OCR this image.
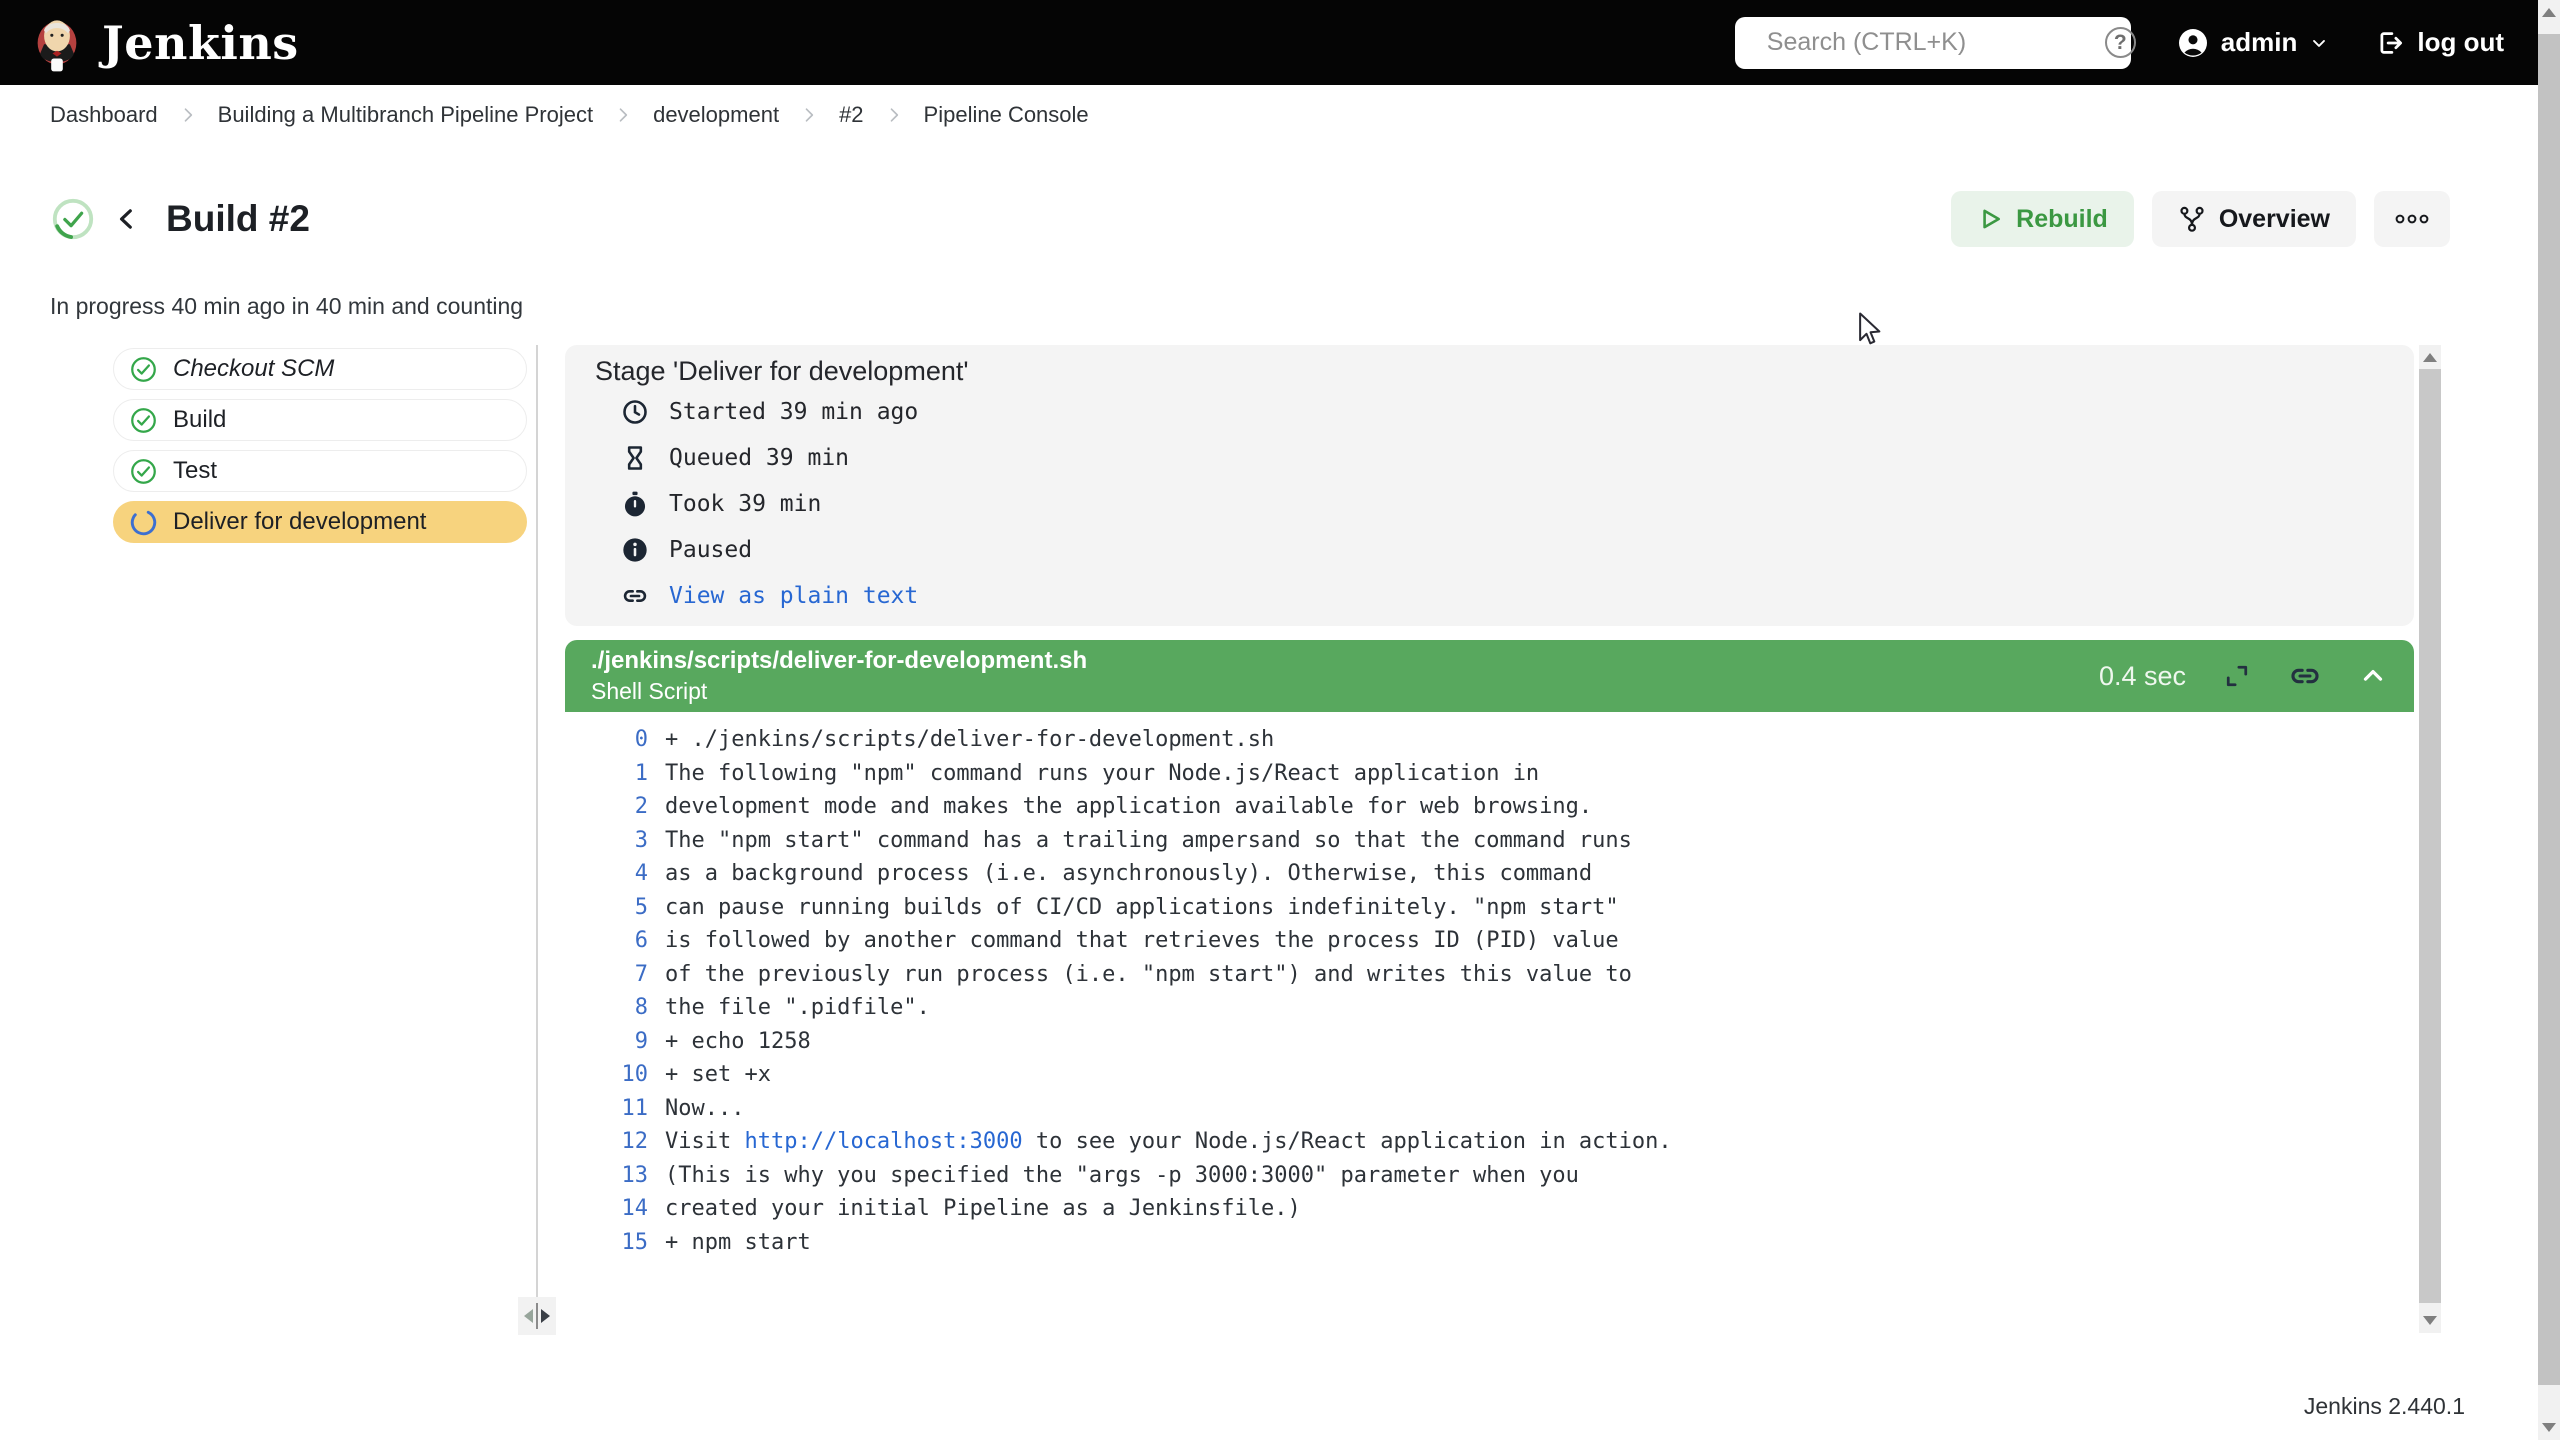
Jenkins
Search (CTRL+K)	?	admin	log out
Dashboard	Building a Multibranch Pipeline Project	development	#2	Pipeline Console
Build #2	Rebuild	Overview
In progress 40 min ago in 40 min and counting
Checkout SCM
Build
Test
Deliver for development
Stage 'Deliver for development'
Started 39 min ago
Queued 39 min
Took 39 min
Paused
View as plain text
./jenkins/scripts/deliver-for-development.sh
Shell Script
0.4 sec
0 + ./jenkins/scripts/deliver-for-development.sh
1 The following "npm" command runs your Node.js/React application in
2 development mode and makes the application available for web browsing.
3 The "npm start" command has a trailing ampersand so that the command runs
4 as a background process (i.e. asynchronously). Otherwise, this command
5 can pause running builds of CI/CD applications indefinitely. "npm start"
6 is followed by another command that retrieves the process ID (PID) value
7 of the previously run process (i.e. "npm start") and writes this value to
8 the file ".pidfile".
9 + echo 1258
10 + set +x
11 Now...
12 Visit http://localhost:3000 to see your Node.js/React application in action.
13 (This is why you specified the "args -p 3000:3000" parameter when you
14 created your initial Pipeline as a Jenkinsfile.)
15 + npm start
Jenkins 2.440.1
